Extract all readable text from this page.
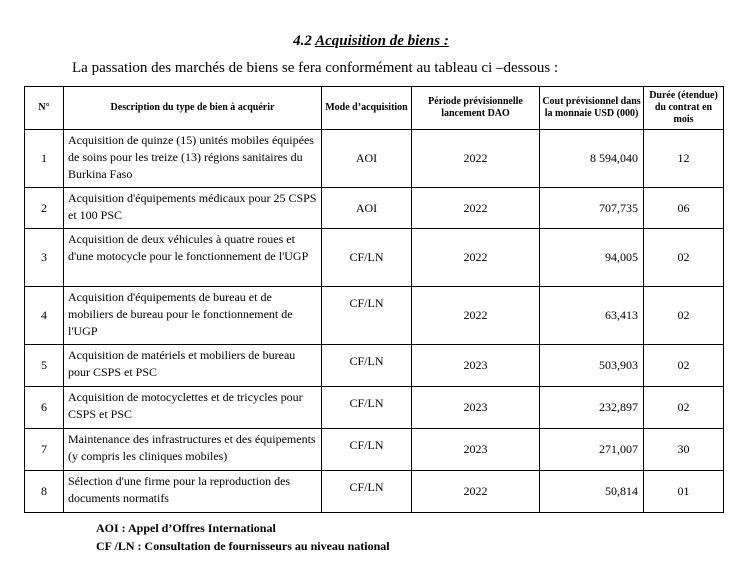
4.2 Acquisition de biens :
La passation des marchés de biens se fera conformément au tableau ci –dessous :
N°	Description du type de bien à acquérir	Mode d’acquisition	Période prévisionnelle lancement DAO	Cout prévisionnel dans la monnaie USD (000)	Durée (étendue) du contrat en mois
1	Acquisition de quinze (15) unités mobiles équipées de soins pour les treize (13) régions sanitaires du Burkina Faso	AOI	2022	8 594,040	12
2	Acquisition d'équipements médicaux pour 25 CSPS et 100 PSC	AOI	2022	707,735	06
3	Acquisition de deux véhicules à quatre roues et d'une motocycle pour le fonctionnement de l'UGP	CF/LN	2022	94,005	02
4	Acquisition d'équipements de bureau et de mobiliers de bureau pour le fonctionnement de l'UGP	CF/LN	2022	63,413	02
5	Acquisition de matériels et mobiliers de bureau pour CSPS et PSC	CF/LN	2023	503,903	02
6	Acquisition de motocyclettes et de tricycles pour CSPS et PSC	CF/LN	2023	232,897	02
7	Maintenance des infrastructures et des équipements (y compris les cliniques mobiles)	CF/LN	2023	271,007	30
8	Sélection d'une firme pour la reproduction des documents normatifs	CF/LN	2022	50,814	01
AOI : Appel d’Offres International
CF /LN : Consultation de fournisseurs au niveau national
